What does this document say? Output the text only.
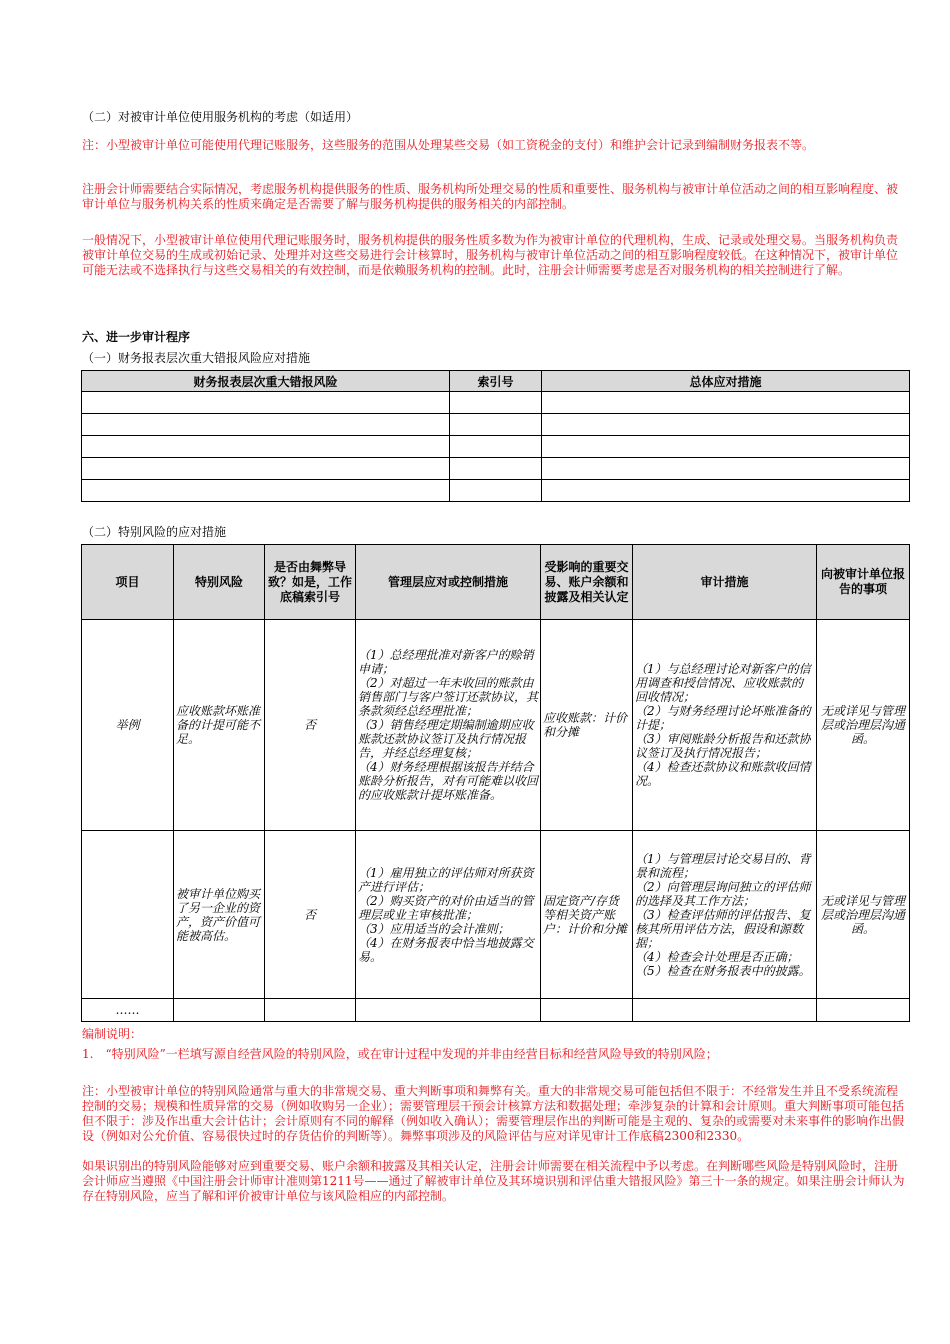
（二）对被审计单位使用服务机构的考虑（如适用）

注：小型被审计单位可能使用代理记账服务，这些服务的范围从处理某些交易（如工资税金的支付）和维护会计记录到编制财务报表不等。

注册会计师需要结合实际情况，考虑服务机构提供服务的性质、服务机构所处理交易的性质和重要性、服务机构与被审计单位活动之间的相互影响程度、被审计单位与服务机构关系的性质来确定是否需要了解与服务机构提供的服务相关的内部控制。

一般情况下，小型被审计单位使用代理记账服务时，服务机构提供的服务性质多数为作为被审计单位的代理机构，生成、记录或处理交易。当服务机构负责被审计单位交易的生成或初始记录、处理并对这些交易进行会计核算时，服务机构与被审计单位活动之间的相互影响程度较低。在这种情况下，被审计单位可能无法或不选择执行与这些交易相关的有效控制，而是依赖服务机构的控制。此时，注册会计师需要考虑是否对服务机构的相关控制进行了解。

六、进一步审计程序

（一）财务报表层次重大错报风险应对措施

财务报表层次重大错报风险	索引号	总体应对措施

（二）特别风险的应对措施

项目	特别风险	是否由舞弊导致？如是，工作底稿索引号	管理层应对或控制措施	受影响的重要交易、账户余额和披露及相关认定	审计措施	向被审计单位报告的事项
举例	应收账款坏账准备的计提可能不足。	否	（1）总经理批准对新客户的赊销申请；
（2）对超过一年未收回的账款由销售部门与客户签订还款协议，其条款须经总经理批准；
（3）销售经理定期编制逾期应收账款还款协议签订及执行情况报告，并经总经理复核；
（4）财务经理根据该报告并结合账龄分析报告，对有可能难以收回的应收账款计提坏账准备。	应收账款：计价和分摊	（1）与总经理讨论对新客户的信用调查和授信情况、应收账款的回收情况；
（2）与财务经理讨论坏账准备的计提；
（3）审阅账龄分析报告和还款协议签订及执行情况报告；
（4）检查还款协议和账款收回情况。	无或详见与管理层或治理层沟通函。
	被审计单位购买了另一企业的资产，资产价值可能被高估。	否	（1）雇用独立的评估师对所获资产进行评估；
（2）购买资产的对价由适当的管理层或业主审核批准；
（3）应用适当的会计准则；
（4）在财务报表中恰当地披露交易。	固定资产/存货等相关资产账户：计价和分摊	（1）与管理层讨论交易目的、背景和流程；
（2）向管理层询问独立的评估师的选择及其工作方法；
（3）检查评估师的评估报告、复核其所用评估方法，假设和源数据；
（4）检查会计处理是否正确；
（5）检查在财务报表中的披露。	无或详见与管理层或治理层沟通函。
……						

编制说明：

1.　“特别风险”一栏填写源自经营风险的特别风险，或在审计过程中发现的并非由经营目标和经营风险导致的特别风险；

注：小型被审计单位的特别风险通常与重大的非常规交易、重大判断事项和舞弊有关。重大的非常规交易可能包括但不限于：不经常发生并且不受系统流程控制的交易；规模和性质异常的交易（例如收购另一企业）；需要管理层干预会计核算方法和数据处理；牵涉复杂的计算和会计原则。重大判断事项可能包括但不限于：涉及作出重大会计估计；会计原则有不同的解释（例如收入确认）；需要管理层作出的判断可能是主观的、复杂的或需要对未来事件的影响作出假设（例如对公允价值、容易很快过时的存货估价的判断等）。舞弊事项涉及的风险评估与应对详见审计工作底稿2300和2330。

如果识别出的特别风险能够对应到重要交易、账户余额和披露及其相关认定，注册会计师需要在相关流程中予以考虑。在判断哪些风险是特别风险时，注册会计师应当遵照《中国注册会计师审计准则第1211号——通过了解被审计单位及其环境识别和评估重大错报风险》第三十一条的规定。如果注册会计师认为存在特别风险，应当了解和评价被审计单位与该风险相应的内部控制。
